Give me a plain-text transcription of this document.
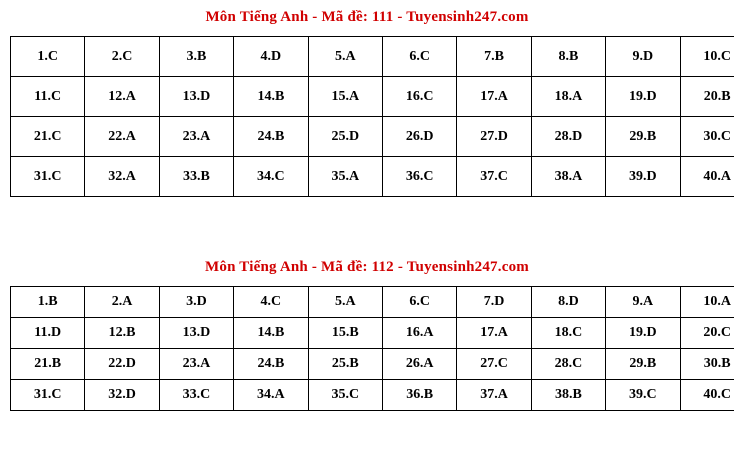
Môn Tiếng Anh - Mã đề: 111 - Tuyensinh247.com
1.C	2.C	3.B	4.D	5.A	6.C	7.B	8.B	9.D	10.C
11.C	12.A	13.D	14.B	15.A	16.C	17.A	18.A	19.D	20.B
21.C	22.A	23.A	24.B	25.D	26.D	27.D	28.D	29.B	30.C
31.C	32.A	33.B	34.C	35.A	36.C	37.C	38.A	39.D	40.A
Môn Tiếng Anh - Mã đề: 112 - Tuyensinh247.com
1.B	2.A	3.D	4.C	5.A	6.C	7.D	8.D	9.A	10.A
11.D	12.B	13.D	14.B	15.B	16.A	17.A	18.C	19.D	20.C
21.B	22.D	23.A	24.B	25.B	26.A	27.C	28.C	29.B	30.B
31.C	32.D	33.C	34.A	35.C	36.B	37.A	38.B	39.C	40.C
